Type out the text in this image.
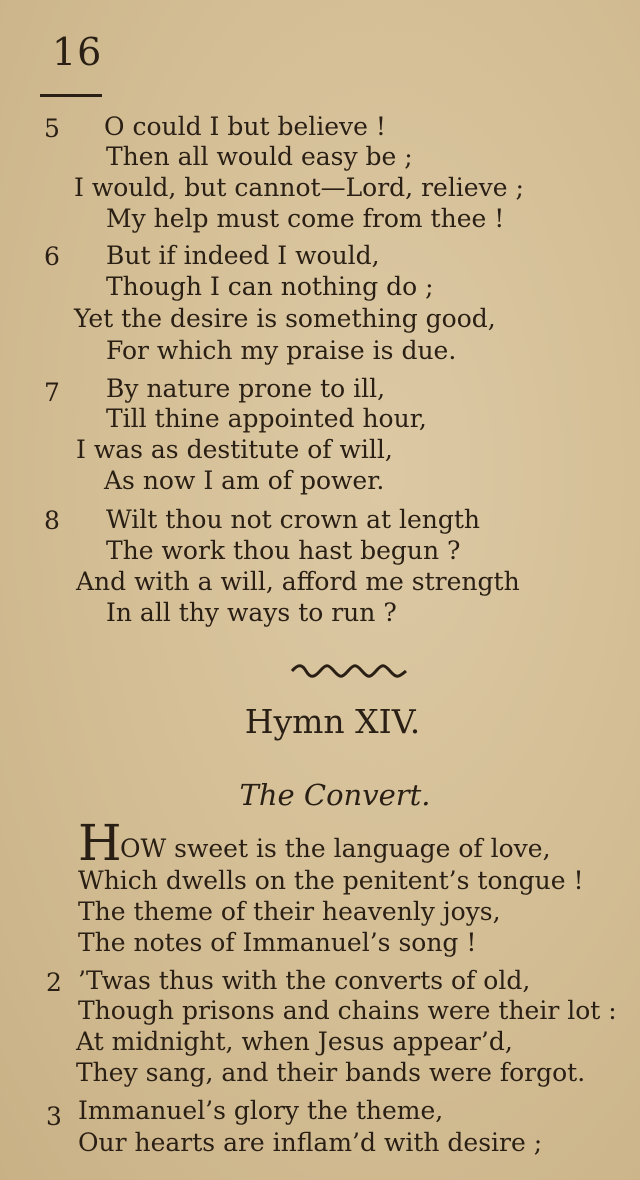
16
5 O could I but believe !
Then all would easy be ;
I would, but cannot—Lord, relieve ;
My help must come from thee !
6 But if indeed I would,
Though I can nothing do ;
Yet the desire is something good,
For which my praise is due.
7 By nature prone to ill,
Till thine appointed hour,
I was as destitute of will,
As now I am of power.
8 Wilt thou not crown at length
The work thou hast begun ?
And with a will, afford me strength
In all thy ways to run ?
Hymn XIV.
The Convert.
H
OW sweet is the language of love,
Which dwells on the penitent’s tongue !
The theme of their heavenly joys,
The notes of Immanuel’s song !
2 ’Twas thus with the converts of old,
Though prisons and chains were their lot :
At midnight, when Jesus appear’d,
They sang, and their bands were forgot.
3 Immanuel’s glory the theme,
Our hearts are inflam’d with desire ;
